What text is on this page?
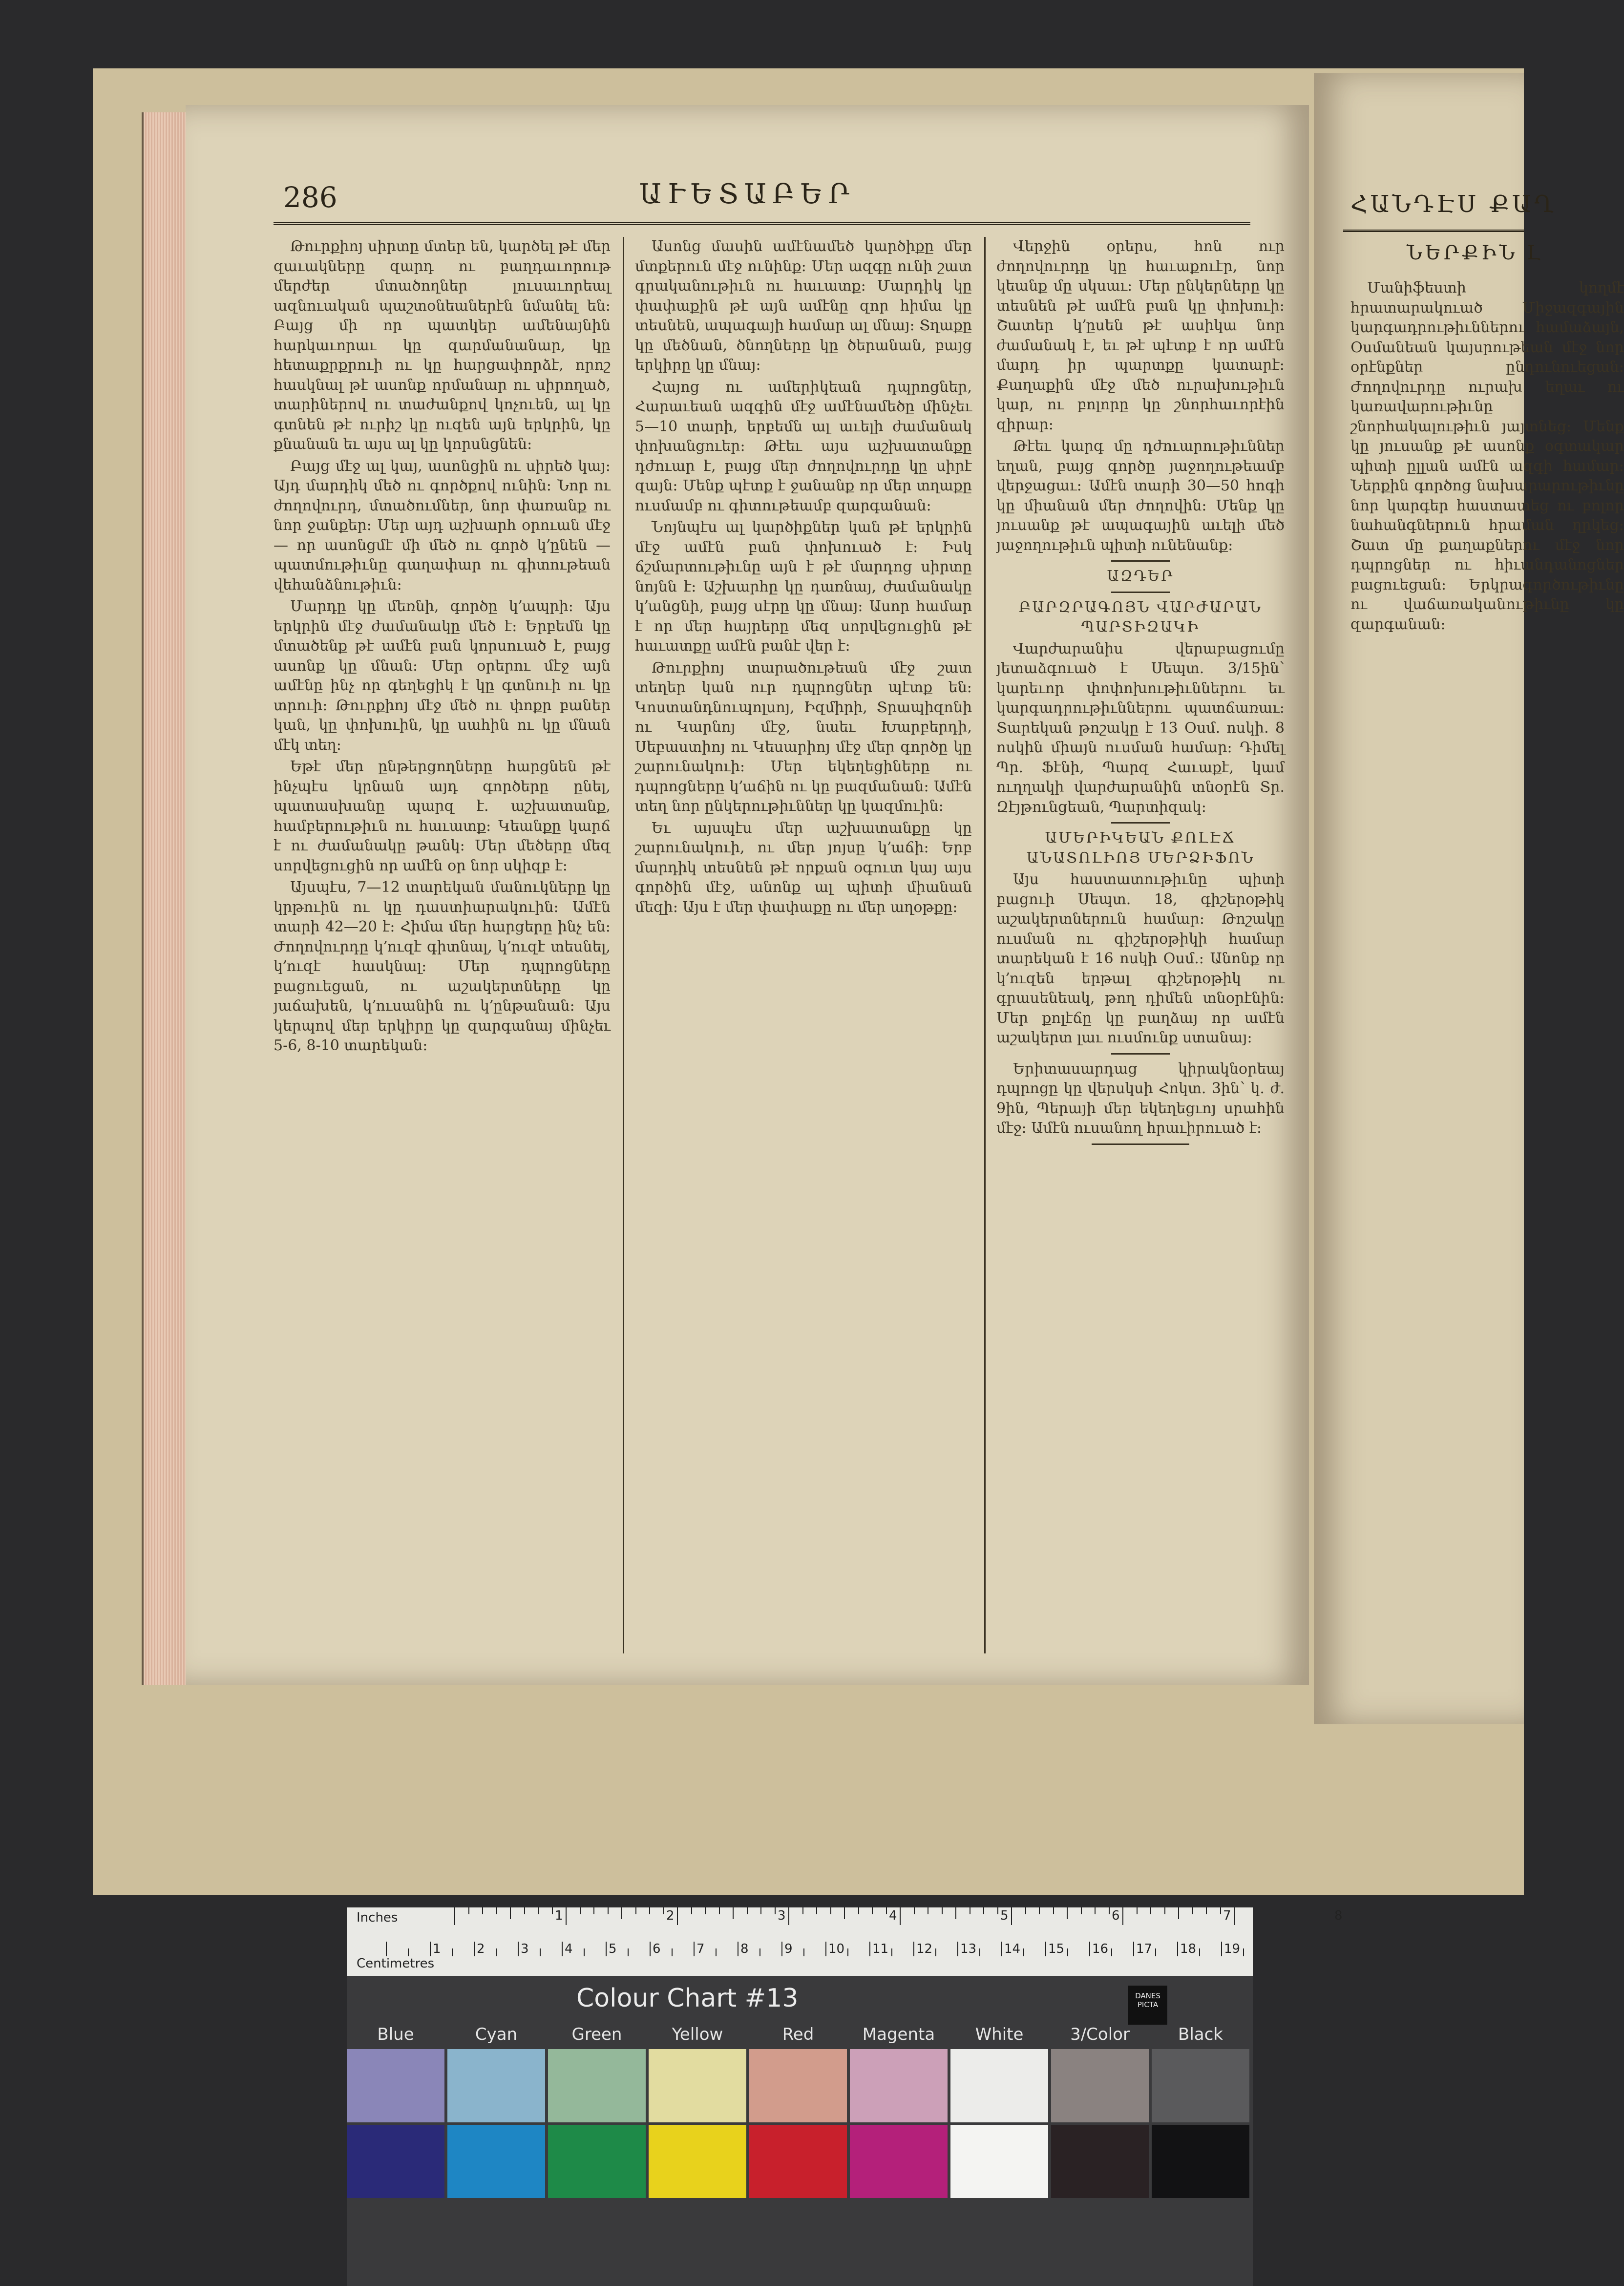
286	ԱՒԵՏԱԲԵՐ

Թուրքիոյ սիրտը մտեր են, կարծել թէ մեր զաւակները զարդ ու բաղդաւորութ մերժեր մտածողներ լուսաւորեալ ազնուական պաշտօնեաներէն նմանել են։ Բայց մի որ պատկեր ամենայնին հարկաւորաւ կը զարմանանար, կը հետաքրքրուի ու կը հարցափորձէ, որոշ հասկնալ թէ ասոնք որմանար ու սիրողած, տարիներով ու տաժանքով կոչուեն, ալ կը գտնեն թէ ուրիշ կը ուզեն այն երկրին, կը քնանան եւ այս ալ կը կորսնցնեն։

Բայց մէջ ալ կայ, ասոնցին ու սիրեծ կայ։ Այդ մարդիկ մեծ ու գործքով ունին։ Նոր ու ժողովուրդ, մտածումներ, նոր փառանք ու նոր ջանքեր։ Մեր այդ աշխարհ օրուան մէջ — որ ասոնցմէ մի մեծ ու գործ կ՚ընեն — պատմութիւնը գաղափար ու գիտութեան վեհանձնութիւն։

Մարդը կը մեռնի, գործը կ՚ապրի։ Այս երկրին մէջ ժամանակը մեծ է։ Երբեմն կը մտածենք թէ ամէն բան կորսուած է, բայց ասոնք կը մնան։ Մեր օրերու մէջ այն ամէնը ինչ որ գեղեցիկ է կը գտնուի ու կը տրուի։ Թուրքիոյ մէջ մեծ ու փոքր բաներ կան, կը փոխուին, կը սահին ու կը մնան մէկ տեղ։

Եթէ մեր ընթերցողները հարցնեն թէ ինչպէս կրնան այդ գործերը ընել, պատասխանը պարզ է. աշխատանք, համբերութիւն ու հաւատք։ Կեանքը կարճ է ու ժամանակը թանկ։ Մեր մեծերը մեզ սորվեցուցին որ ամէն օր նոր սկիզբ է։

Այսպէս, 7—12 տարեկան մանուկները կը կրթուին ու կը դաստիարակուին։ Ամէն տարի 42—20 է։ Հիմա մեր հարցերը ինչ են։ Ժողովուրդը կ՚ուզէ գիտնալ, կ՚ուզէ տեսնել, կ՚ուզէ հասկնալ։ Մեր դպրոցները բացուեցան, ու աշակերտները կը յաճախեն, կ՚ուսանին ու կ՚ընթանան։ Այս կերպով մեր երկիրը կը զարգանայ մինչեւ 5-6, 8-10 տարեկան։

Ասոնց մասին ամէնամեծ կարծիքը մեր մտքերուն մէջ ունինք։ Մեր ազգը ունի շատ գրականութիւն ու հաւատք։ Մարդիկ կը փափաքին թէ այն ամէնը զոր հիմա կը տեսնեն, ապագայի համար ալ մնայ։ Տղաքը կը մեծնան, ծնողները կը ծերանան, բայց երկիրը կը մնայ։

Հայոց ու ամերիկեան դպրոցներ, Հարաւեան ազգին մէջ ամէնամեծը մինչեւ 5—10 տարի, երբեմն ալ աւելի ժամանակ փոխանցուեր։ Թէեւ այս աշխատանքը դժուար է, բայց մեր ժողովուրդը կը սիրէ զայն։ Մենք պէտք է ջանանք որ մեր տղաքը ուսմամբ ու գիտութեամբ զարգանան։

Նոյնպէս ալ կարծիքներ կան թէ երկրին մէջ ամէն բան փոխուած է։ Իսկ ճշմարտութիւնը այն է թէ մարդոց սիրտը նոյնն է։ Աշխարհը կը դառնայ, ժամանակը կ՚անցնի, բայց սէրը կը մնայ։ Ասոր համար է որ մեր հայրերը մեզ սորվեցուցին թէ հաւատքը ամէն բանէ վեր է։

Թուրքիոյ տարածութեան մէջ շատ տեղեր կան ուր դպրոցներ պէտք են։ Կոստանդնուպոլսոյ, Իզմիրի, Տրապիզոնի ու Կարնոյ մէջ, նաեւ Խարբերդի, Սեբաստիոյ ու Կեսարիոյ մէջ մեր գործը կը շարունակուի։ Մեր եկեղեցիները ու դպրոցները կ՚աճին ու կը բազմանան։ Ամէն տեղ նոր ընկերութիւններ կը կազմուին։

Եւ այսպէս մեր աշխատանքը կը շարունակուի, ու մեր յոյսը կ՚աճի։ Երբ մարդիկ տեսնեն թէ որքան օգուտ կայ այս գործին մէջ, անոնք ալ պիտի միանան մեզի։ Այս է մեր փափաքը ու մեր աղօթքը։

Վերջին օրերս, հոն ուր ժողովուրդը կը հաւաքուէր, նոր կեանք մը սկսաւ։ Մեր ընկերները կը տեսնեն թէ ամէն բան կը փոխուի։ Շատեր կ՚ըսեն թէ ասիկա նոր ժամանակ է, եւ թէ պէտք է որ ամէն մարդ իր պարտքը կատարէ։ Քաղաքին մէջ մեծ ուրախութիւն կար, ու բոլորը կը շնորհաւորէին զիրար։

Թէեւ կարգ մը դժուարութիւններ եղան, բայց գործը յաջողութեամբ վերջացաւ։ Ամէն տարի 30—50 հոգի կը միանան մեր ժողովին։ Մենք կը յուսանք թէ ապագային աւելի մեծ յաջողութիւն պիտի ունենանք։

ԱԶԴԵՐ

ԲԱՐԶՐԱԳՈՅՆ ՎԱՐԺԱՐԱՆ ՊԱՐՏԻԶԱԿԻ

Վարժարանիս վերաբացումը յետաձգուած է Սեպտ. 3/15ին՝ կարեւոր փոփոխութիւններու եւ կարգադրութիւններու պատճառաւ։ Տարեկան թոշակը է 13 Օսմ. ոսկի. 8 ոսկին միայն ուսման համար։ Դիմել Պր. Ֆէնի, Պարզ Հաւաքէ, կամ ուղղակի վարժարանին տնօրէն Տր. Զէյթունցեան, Պարտիզակ։

ԱՄԵՐԻԿԵԱՆ ՔՈԼԷՃ ԱՆԱՏՈԼԻՈՅ ՄԵՐՁԻՖՈՆ

Այս հաստատութիւնը պիտի բացուի Սեպտ. 18, գիշերօթիկ աշակերտներուն համար։ Թոշակը ուսման ու գիշերօթիկի համար տարեկան է 16 ոսկի Օսմ.։ Անոնք որ կ՚ուզեն երթալ գիշերօթիկ ու գրասենեակ, թող դիմեն տնօրէնին։ Մեր քոլէճը կը բաղձայ որ ամէն աշակերտ լաւ ուսմունք ստանայ։

Երիտասարդաց կիրակնօրեայ դպրոցը կը վերսկսի Հոկտ. 3ին՝ կ. ժ. 9ին, Պերայի մեր եկեղեցւոյ սրահին մէջ։ Ամէն ուսանող հրաւիրուած է։

ՀԱՆԴԷՍ ՔԱՂ
ՆԵՐՔԻՆ Լ

Մանիֆեստի կողմէ հրատարակուած Միջազգային կարգադրութիւններու համաձայն, Օսմանեան կայսրութեան մէջ նոր օրէնքներ ընդունուեցան։ Ժողովուրդը ուրախ եղաւ ու կառավարութիւնը շնորհակալութիւն յայտնեց։ Մենք կը յուսանք թէ ասոնք օգտակար պիտի ըլլան ամէն ազգի համար։ Ներքին գործոց նախարարութիւնը նոր կարգեր հաստատեց ու բոլոր նահանգներուն հրաման ղրկեց։ Շատ մը քաղաքներու մէջ նոր դպրոցներ ու հիւանդանոցներ բացուեցան։ Երկրագործութիւնը ու վաճառականութիւնը կը զարգանան։

Inches	1	2	3	4	5	6	7	8
1	2	3	4	5	6	7	8	9	10 11 12 13 14 15 16 17 18 19
Centimetres
Colour Chart #13	DANES PICTA
Blue	Cyan	Green	Yellow	Red	Magenta	White	3/Color	Black
